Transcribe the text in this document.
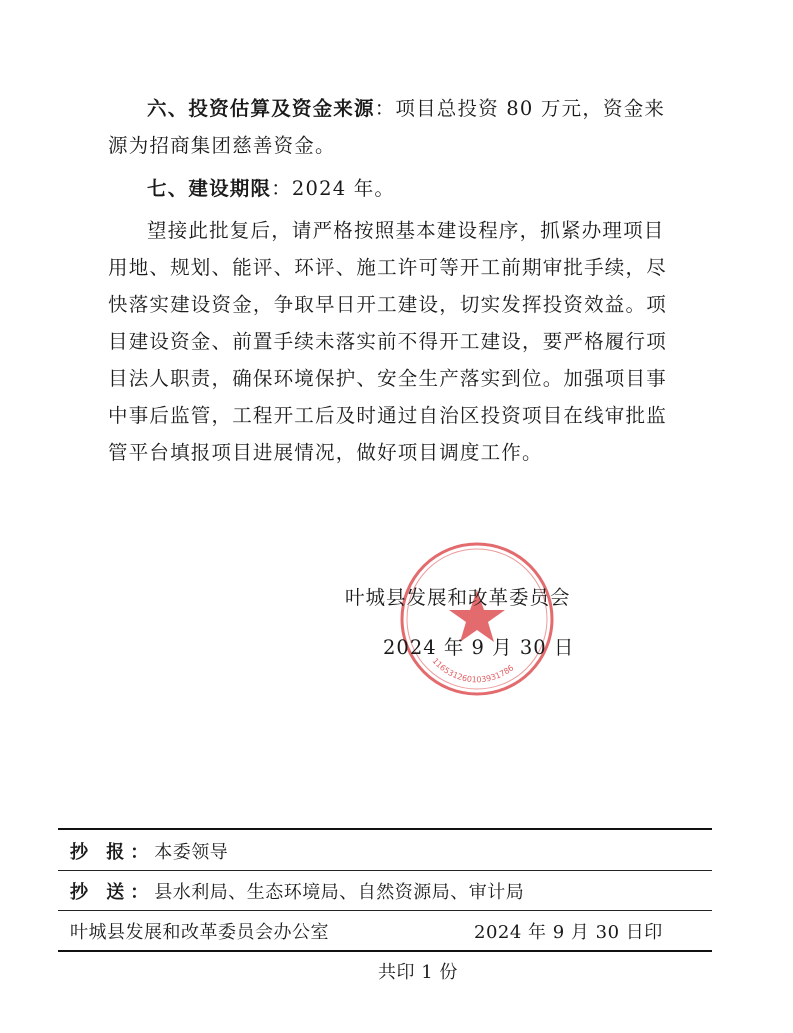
六、投资估算及资金来源：项目总投资 80 万元，资金来源为招商集团慈善资金。

七、建设期限：2024 年。

望接此批复后，请严格按照基本建设程序，抓紧办理项目用地、规划、能评、环评、施工许可等开工前期审批手续，尽快落实建设资金，争取早日开工建设，切实发挥投资效益。项目建设资金、前置手续未落实前不得开工建设，要严格履行项目法人职责，确保环境保护、安全生产落实到位。加强项目事中事后监管，工程开工后及时通过自治区投资项目在线审批监管平台填报项目进展情况，做好项目调度工作。

116531260103931786
叶城县发展和改革委员会
2024 年 9 月 30 日
抄 报：本委领导
抄 送：县水利局、生态环境局、自然资源局、审计局
叶城县发展和改革委员会办公室	2024 年 9 月 30 日印
共印 1 份
